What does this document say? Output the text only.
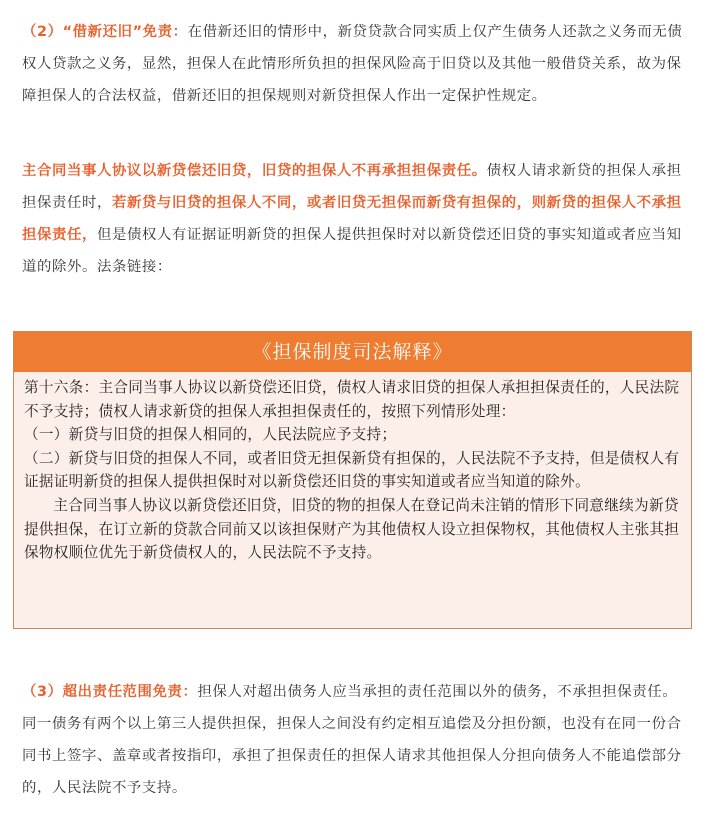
（2）“借新还旧”免责：在借新还旧的情形中，新贷贷款合同实质上仅产生债务人还款之义务而无债权人贷款之义务，显然，担保人在此情形所负担的担保风险高于旧贷以及其他一般借贷关系，故为保障担保人的合法权益，借新还旧的担保规则对新贷担保人作出一定保护性规定。

主合同当事人协议以新贷偿还旧贷，旧贷的担保人不再承担担保责任。债权人请求新贷的担保人承担担保责任时，若新贷与旧贷的担保人不同，或者旧贷无担保而新贷有担保的，则新贷的担保人不承担担保责任，但是债权人有证据证明新贷的担保人提供担保时对以新贷偿还旧贷的事实知道或者应当知道的除外。法条链接：

《担保制度司法解释》

第十六条：主合同当事人协议以新贷偿还旧贷，债权人请求旧贷的担保人承担担保责任的，人民法院不予支持；债权人请求新贷的担保人承担担保责任的，按照下列情形处理：

（一）新贷与旧贷的担保人相同的，人民法院应予支持；

（二）新贷与旧贷的担保人不同，或者旧贷无担保新贷有担保的，人民法院不予支持，但是债权人有证据证明新贷的担保人提供担保时对以新贷偿还旧贷的事实知道或者应当知道的除外。

主合同当事人协议以新贷偿还旧贷，旧贷的物的担保人在登记尚未注销的情形下同意继续为新贷提供担保，在订立新的贷款合同前又以该担保财产为其他债权人设立担保物权，其他债权人主张其担保物权顺位优先于新贷债权人的，人民法院不予支持。

（3）超出责任范围免责：担保人对超出债务人应当承担的责任范围以外的债务，不承担担保责任。同一债务有两个以上第三人提供担保，担保人之间没有约定相互追偿及分担份额，也没有在同一份合同书上签字、盖章或者按指印，承担了担保责任的担保人请求其他担保人分担向债务人不能追偿部分的，人民法院不予支持。
